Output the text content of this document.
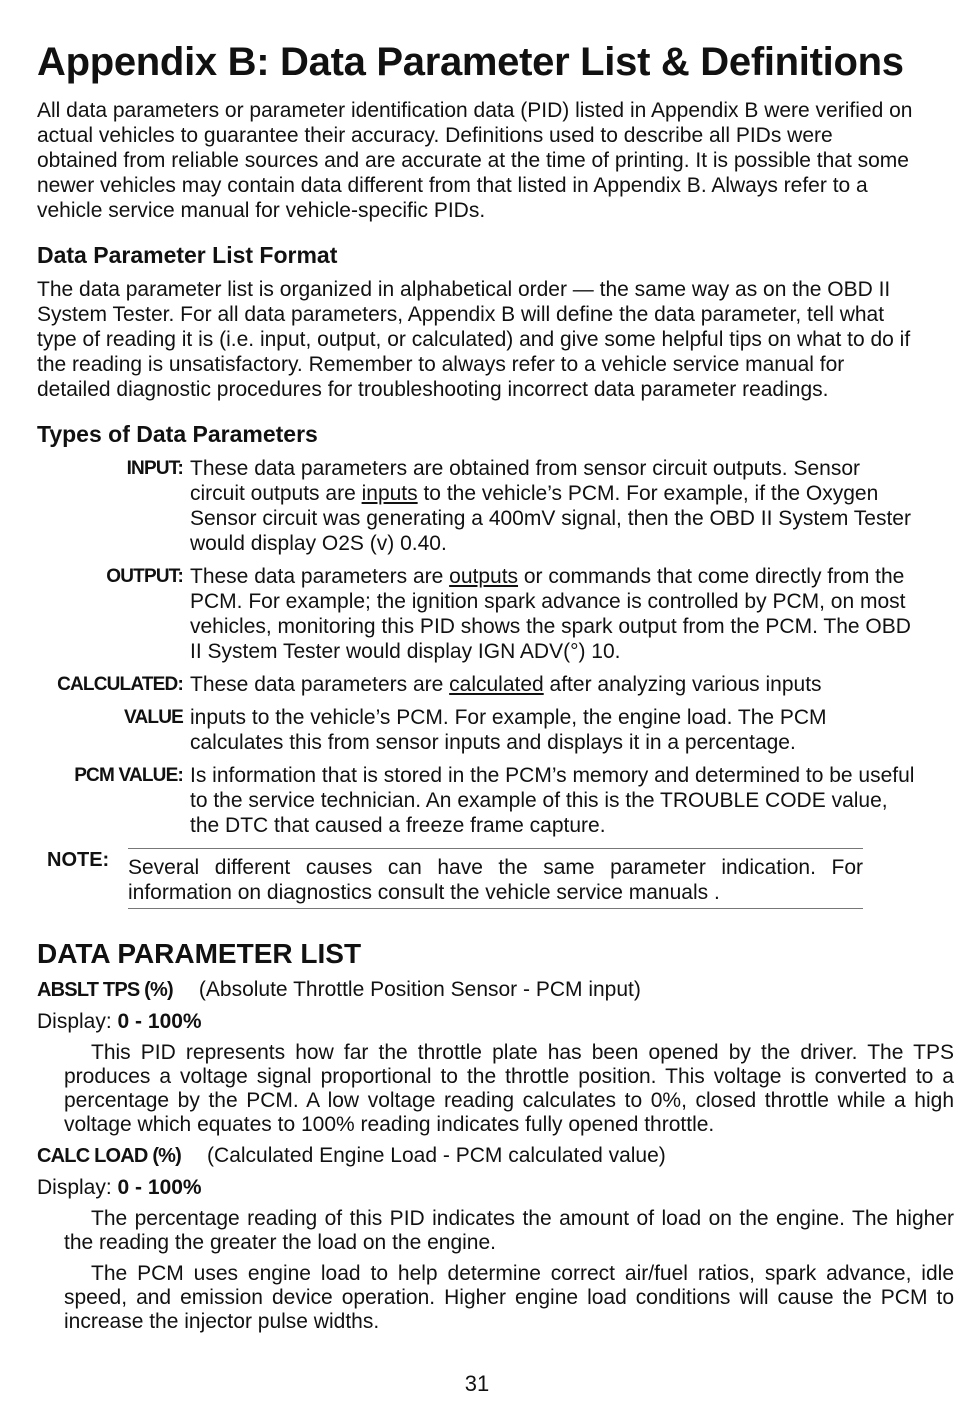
Appendix B: Data Parameter List & Definitions

All data parameters or parameter identification data (PID) listed in Appendix B were verified on actual vehicles to guarantee their accuracy. Definitions used to describe all PIDs were obtained from reliable sources and are accurate at the time of printing. It is possible that some newer vehicles may contain data different from that listed in Appendix B. Always refer to a vehicle service manual for vehicle-specific PIDs.

Data Parameter List Format

The data parameter list is organized in alphabetical order — the same way as on the OBD II System Tester. For all data parameters, Appendix B will define the data parameter, tell what type of reading it is (i.e. input, output, or calculated) and give some helpful tips on what to do if the reading is unsatisfactory. Remember to always refer to a vehicle service manual for detailed diagnostic procedures for troubleshooting incorrect data parameter readings.

Types of Data Parameters
INPUT: These data parameters are obtained from sensor circuit outputs. Sensor circuit outputs are inputs to the vehicle’s PCM. For example, if the Oxygen Sensor circuit was generating a 400mV signal, then the OBD II System Tester would display O2S (v) 0.40.
OUTPUT: These data parameters are outputs or commands that come directly from the PCM. For example; the ignition spark advance is controlled by PCM, on most vehicles, monitoring this PID shows the spark output from the PCM. The OBD II System Tester would display IGN ADV(°) 10.
CALCULATED: These data parameters are calculated after analyzing various inputs
VALUE inputs to the vehicle’s PCM. For example, the engine load. The PCM calculates this from sensor inputs and displays it in a percentage.
PCM VALUE: Is information that is stored in the PCM’s memory and determined to be useful to the service technician. An example of this is the TROUBLE CODE value, the DTC that caused a freeze frame capture.
NOTE: Several different causes can have the same parameter indication. For information on diagnostics consult the vehicle service manuals .
DATA PARAMETER LIST
ABSLT TPS (%) (Absolute Throttle Position Sensor - PCM input)
Display: 0 - 100%

This PID represents how far the throttle plate has been opened by the driver. The TPS produces a voltage signal proportional to the throttle position. This voltage is converted to a percentage by the PCM. A low voltage reading calculates to 0%, closed throttle while a high voltage which equates to 100% reading indicates fully opened throttle.

CALC LOAD (%) (Calculated Engine Load - PCM calculated value)
Display: 0 - 100%

The percentage reading of this PID indicates the amount of load on the engine. The higher the reading the greater the load on the engine.

The PCM uses engine load to help determine correct air/fuel ratios, spark advance, idle speed, and emission device operation. Higher engine load conditions will cause the PCM to increase the injector pulse widths.

31
